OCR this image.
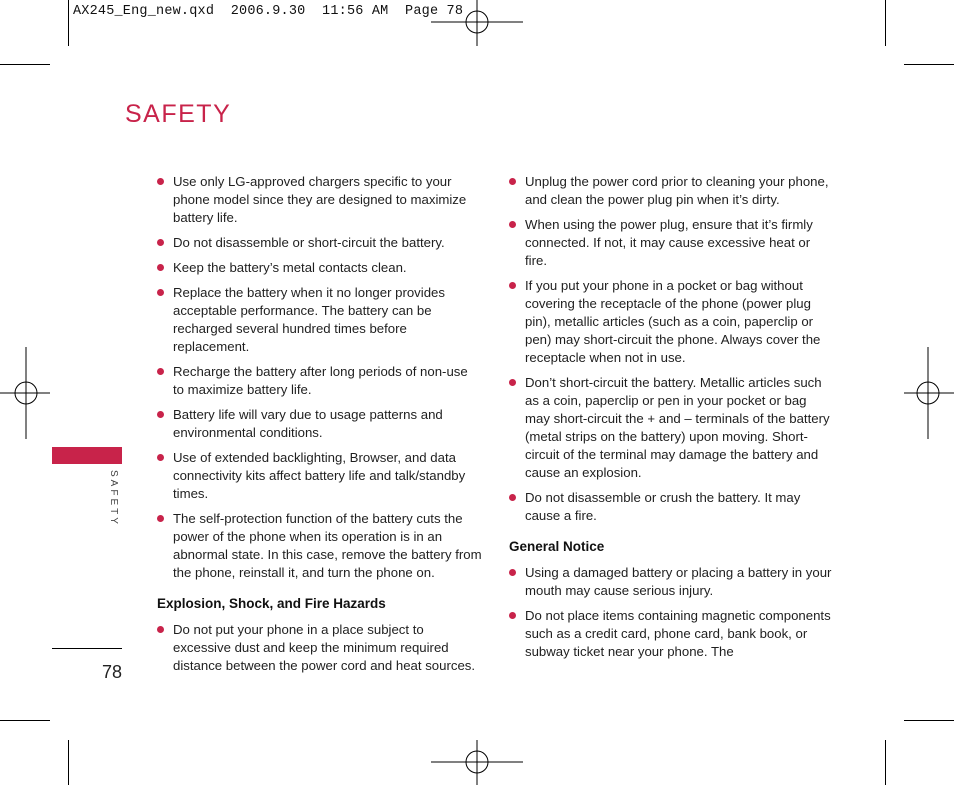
AX245_Eng_new.qxd  2006.9.30  11:56 AM  Page 78
SAFETY
SAFETY
78
Use only LG-approved chargers specific to your phone model since they are designed to maximize battery life.
Do not disassemble or short-circuit the battery.
Keep the battery’s metal contacts clean.
Replace the battery when it no longer provides acceptable performance. The battery can be recharged several hundred times before replacement.
Recharge the battery after long periods of non-use to maximize battery life.
Battery life will vary due to usage patterns and environmental conditions.
Use of extended backlighting, Browser, and data connectivity kits affect battery life and talk/standby times.
The self-protection function of the battery cuts the power of the phone when its operation is in an abnormal state. In this case, remove the battery from the phone, reinstall it, and turn the phone on.
Explosion, Shock, and Fire Hazards
Do not put your phone in a place subject to excessive dust and keep the minimum required distance between the power cord and heat sources.
Unplug the power cord prior to cleaning your phone, and clean the power plug pin when it’s dirty.
When using the power plug, ensure that it’s firmly connected. If not, it may cause excessive heat or fire.
If you put your phone in a pocket or bag without covering the receptacle of the phone (power plug pin), metallic articles (such as a coin, paperclip or pen) may short-circuit the phone. Always cover the receptacle when not in use.
Don’t short-circuit the battery. Metallic articles such as a coin, paperclip or pen in your pocket or bag may short-circuit the + and – terminals of the battery (metal strips on the battery) upon moving. Short-circuit of the terminal may damage the battery and cause an explosion.
Do not disassemble or crush the battery. It may cause a fire.
General Notice
Using a damaged battery or placing a battery in your mouth may cause serious injury.
Do not place items containing magnetic components such as a credit card, phone card, bank book, or subway ticket near your phone. The
